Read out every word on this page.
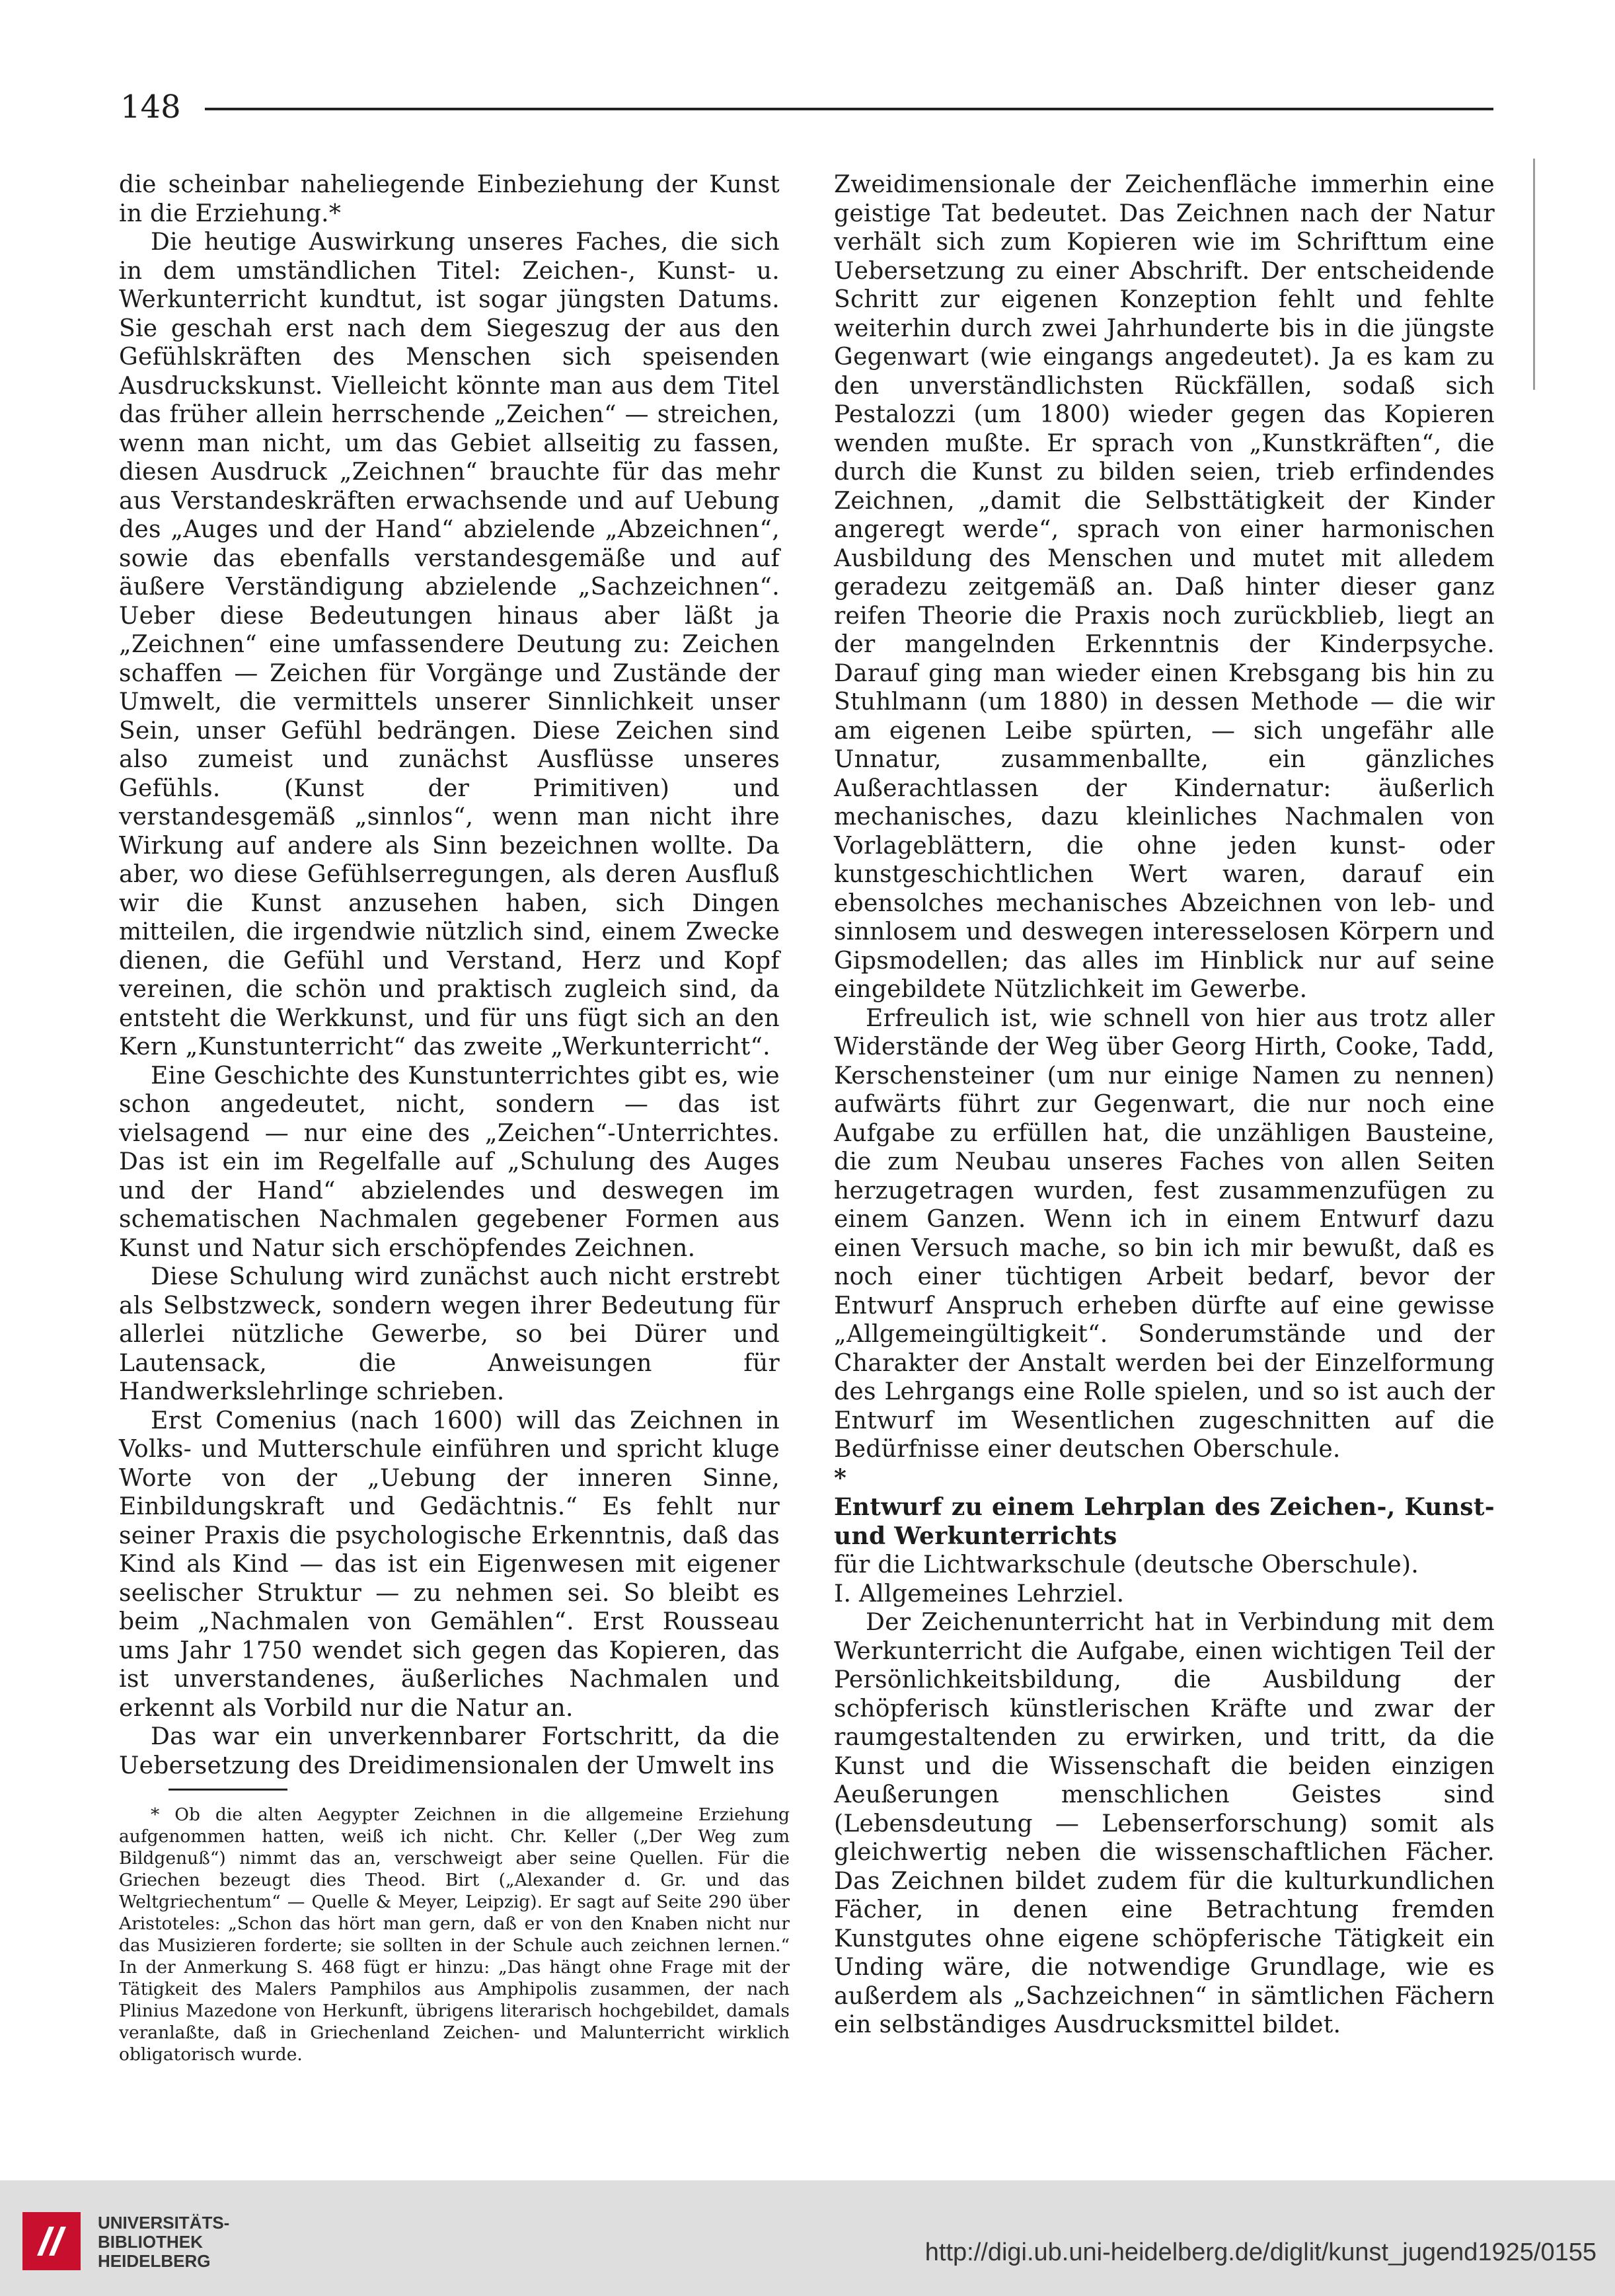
148

die scheinbar naheliegende Einbeziehung der Kunst in die Erziehung.*

Die heutige Auswirkung unseres Faches, die sich in dem umständlichen Titel: Zeichen-, Kunst- u. Werkunterricht kundtut, ist sogar jüngsten Datums. Sie geschah erst nach dem Siegeszug der aus den Gefühlskräften des Menschen sich speisenden Ausdruckskunst. Vielleicht könnte man aus dem Titel das früher allein herrschende „Zeichen“ — streichen, wenn man nicht, um das Gebiet allseitig zu fassen, diesen Ausdruck „Zeichnen“ brauchte für das mehr aus Verstandeskräften erwachsende und auf Uebung des „Auges und der Hand“ abzielende „Abzeichnen“, sowie das ebenfalls verstandesgemäße und auf äußere Verständigung abzielende „Sachzeichnen“. Ueber diese Bedeutungen hinaus aber läßt ja „Zeichnen“ eine umfassendere Deutung zu: Zeichen schaffen — Zeichen für Vorgänge und Zustände der Umwelt, die vermittels unserer Sinnlichkeit unser Sein, unser Gefühl bedrängen. Diese Zeichen sind also zumeist und zunächst Ausflüsse unseres Gefühls. (Kunst der Primitiven) und verstandesgemäß „sinnlos“, wenn man nicht ihre Wirkung auf andere als Sinn bezeichnen wollte. Da aber, wo diese Gefühlserregungen, als deren Ausfluß wir die Kunst anzusehen haben, sich Dingen mitteilen, die irgendwie nützlich sind, einem Zwecke dienen, die Gefühl und Verstand, Herz und Kopf vereinen, die schön und praktisch zugleich sind, da entsteht die Werkkunst, und für uns fügt sich an den Kern „Kunstunterricht“ das zweite „Werkunterricht“.

Eine Geschichte des Kunstunterrichtes gibt es, wie schon angedeutet, nicht, sondern — das ist vielsagend — nur eine des „Zeichen“-Unterrichtes. Das ist ein im Regelfalle auf „Schulung des Auges und der Hand“ abzielendes und deswegen im schematischen Nachmalen gegebener Formen aus Kunst und Natur sich erschöpfendes Zeichnen.

Diese Schulung wird zunächst auch nicht erstrebt als Selbstzweck, sondern wegen ihrer Bedeutung für allerlei nützliche Gewerbe, so bei Dürer und Lautensack, die Anweisungen für Handwerkslehrlinge schrieben.

Erst Comenius (nach 1600) will das Zeichnen in Volks- und Mutterschule einführen und spricht kluge Worte von der „Uebung der inneren Sinne, Einbildungskraft und Gedächtnis.“ Es fehlt nur seiner Praxis die psychologische Erkenntnis, daß das Kind als Kind — das ist ein Eigenwesen mit eigener seelischer Struktur — zu nehmen sei. So bleibt es beim „Nachmalen von Gemählen“. Erst Rousseau ums Jahr 1750 wendet sich gegen das Kopieren, das ist unverstandenes, äußerliches Nachmalen und erkennt als Vorbild nur die Natur an.

Das war ein unverkennbarer Fortschritt, da die Uebersetzung des Dreidimensionalen der Umwelt ins

Zweidimensionale der Zeichenfläche immerhin eine geistige Tat bedeutet. Das Zeichnen nach der Natur verhält sich zum Kopieren wie im Schrifttum eine Uebersetzung zu einer Abschrift. Der entscheidende Schritt zur eigenen Konzeption fehlt und fehlte weiterhin durch zwei Jahrhunderte bis in die jüngste Gegenwart (wie eingangs angedeutet). Ja es kam zu den unverständlichsten Rückfällen, sodaß sich Pestalozzi (um 1800) wieder gegen das Kopieren wenden mußte. Er sprach von „Kunstkräften“, die durch die Kunst zu bilden seien, trieb erfindendes Zeichnen, „damit die Selbsttätigkeit der Kinder angeregt werde“, sprach von einer harmonischen Ausbildung des Menschen und mutet mit alledem geradezu zeitgemäß an. Daß hinter dieser ganz reifen Theorie die Praxis noch zurückblieb, liegt an der mangelnden Erkenntnis der Kinderpsyche. Darauf ging man wieder einen Krebsgang bis hin zu Stuhlmann (um 1880) in dessen Methode — die wir am eigenen Leibe spürten, — sich ungefähr alle Unnatur, zusammenballte, ein gänzliches Außerachtlassen der Kindernatur: äußerlich mechanisches, dazu kleinliches Nachmalen von Vorlageblättern, die ohne jeden kunst- oder kunstgeschichtlichen Wert waren, darauf ein ebensolches mechanisches Abzeichnen von leb- und sinnlosem und deswegen interesselosen Körpern und Gipsmodellen; das alles im Hinblick nur auf seine eingebildete Nützlichkeit im Gewerbe.

Erfreulich ist, wie schnell von hier aus trotz aller Widerstände der Weg über Georg Hirth, Cooke, Tadd, Kerschensteiner (um nur einige Namen zu nennen) aufwärts führt zur Gegenwart, die nur noch eine Aufgabe zu erfüllen hat, die unzähligen Bausteine, die zum Neubau unseres Faches von allen Seiten herzugetragen wurden, fest zusammenzufügen zu einem Ganzen. Wenn ich in einem Entwurf dazu einen Versuch mache, so bin ich mir bewußt, daß es noch einer tüchtigen Arbeit bedarf, bevor der Entwurf Anspruch erheben dürfte auf eine gewisse „Allgemeingültigkeit“. Sonderumstände und der Charakter der Anstalt werden bei der Einzelformung des Lehrgangs eine Rolle spielen, und so ist auch der Entwurf im Wesentlichen zugeschnitten auf die Bedürfnisse einer deutschen Oberschule.

*

Entwurf zu einem Lehrplan des Zeichen-, Kunst- und Werkunterrichts

für die Lichtwarkschule (deutsche Oberschule).

I. Allgemeines Lehrziel.

Der Zeichenunterricht hat in Verbindung mit dem Werkunterricht die Aufgabe, einen wichtigen Teil der Persönlichkeitsbildung, die Ausbildung der schöpferisch künstlerischen Kräfte und zwar der raumgestaltenden zu erwirken, und tritt, da die Kunst und die Wissenschaft die beiden einzigen Aeußerungen menschlichen Geistes sind (Lebensdeutung — Lebenserforschung) somit als gleichwertig neben die wissenschaftlichen Fächer. Das Zeichnen bildet zudem für die kulturkundlichen Fächer, in denen eine Betrachtung fremden Kunstgutes ohne eigene schöpferische Tätigkeit ein Unding wäre, die notwendige Grundlage, wie es außerdem als „Sachzeichnen“ in sämtlichen Fächern ein selbständiges Ausdrucksmittel bildet.

* Ob die alten Aegypter Zeichnen in die allgemeine Erziehung aufgenommen hatten, weiß ich nicht. Chr. Keller („Der Weg zum Bildgenuß“) nimmt das an, verschweigt aber seine Quellen. Für die Griechen bezeugt dies Theod. Birt („Alexander d. Gr. und das Weltgriechentum“ — Quelle & Meyer, Leipzig). Er sagt auf Seite 290 über Aristoteles: „Schon das hört man gern, daß er von den Knaben nicht nur das Musizieren forderte; sie sollten in der Schule auch zeichnen lernen.“ In der Anmerkung S. 468 fügt er hinzu: „Das hängt ohne Frage mit der Tätigkeit des Malers Pamphilos aus Amphipolis zusammen, der nach Plinius Mazedone von Herkunft, übrigens literarisch hochgebildet, damals veranlaßte, daß in Griechenland Zeichen- und Malunterricht wirklich obligatorisch wurde.
UNIVERSITÄTS-
BIBLIOTHEK
HEIDELBERG	http://digi.ub.uni-heidelberg.de/diglit/kunst_jugend1925/0155
